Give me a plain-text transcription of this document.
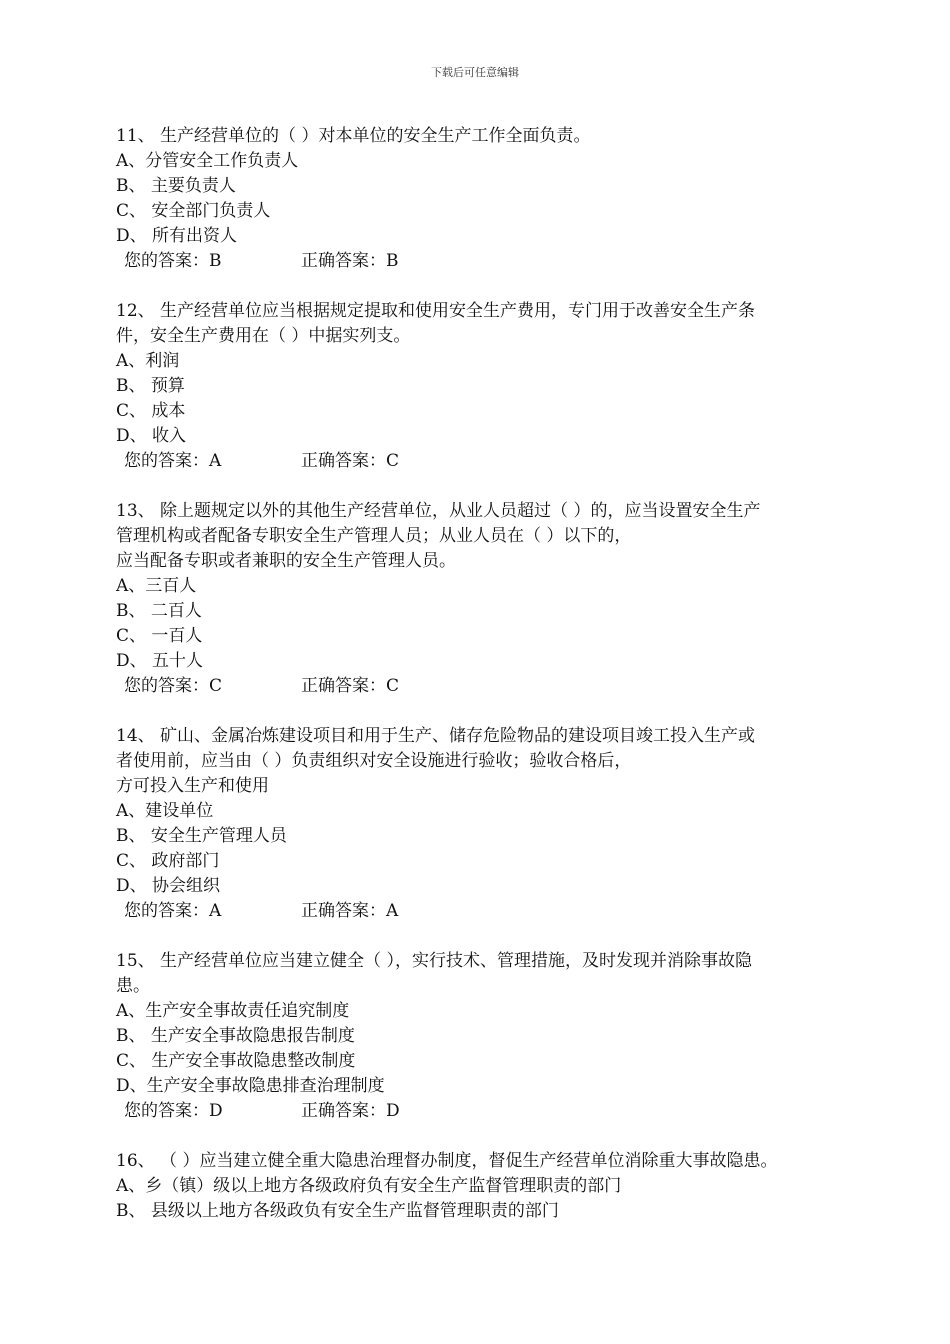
下载后可任意编辑
11、 生产经营单位的（ ）对本单位的安全生产工作全面负责。
A、分管安全工作负责人
B、 主要负责人
C、 安全部门负责人
D、 所有出资人
您的答案：B	正确答案：B
12、 生产经营单位应当根据规定提取和使用安全生产费用，专门用于改善安全生产条
件，安全生产费用在（ ）中据实列支。
A、利润
B、 预算
C、 成本
D、 收入
您的答案：A	正确答案：C
13、 除上题规定以外的其他生产经营单位，从业人员超过（ ）的，应当设置安全生产
管理机构或者配备专职安全生产管理人员；从业人员在（ ）以下的，
应当配备专职或者兼职的安全生产管理人员。
A、三百人
B、 二百人
C、 一百人
D、 五十人
您的答案：C	正确答案：C
14、 矿山、金属冶炼建设项目和用于生产、储存危险物品的建设项目竣工投入生产或
者使用前，应当由（ ）负责组织对安全设施进行验收；验收合格后，
方可投入生产和使用
A、建设单位
B、 安全生产管理人员
C、 政府部门
D、 协会组织
您的答案：A	正确答案：A
15、 生产经营单位应当建立健全（ ），实行技术、管理措施，及时发现并消除事故隐
患。
A、生产安全事故责任追究制度
B、 生产安全事故隐患报告制度
C、 生产安全事故隐患整改制度
D、生产安全事故隐患排查治理制度
您的答案：D	正确答案：D
16、 （ ）应当建立健全重大隐患治理督办制度，督促生产经营单位消除重大事故隐患。
A、乡（镇）级以上地方各级政府负有安全生产监督管理职责的部门
B、 县级以上地方各级政负有安全生产监督管理职责的部门
